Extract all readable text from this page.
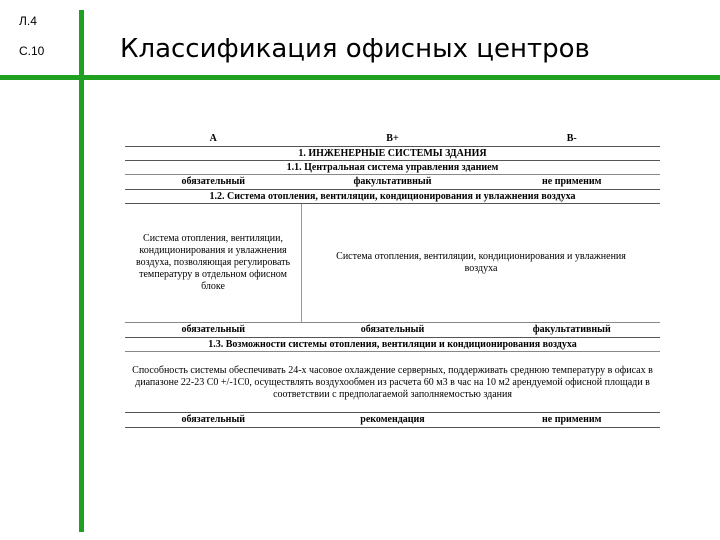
Л.4
С.10	Классификация офисных центров
A	B+	B-
1. ИНЖЕНЕРНЫЕ СИСТЕМЫ ЗДАНИЯ		
1.1. Центральная система управления зданием		
обязательный	факультативный	не применим
1.2. Система отопления, вентиляции, кондиционирования и увлажнения воздуха		
Система отопления, вентиляции, кондиционирования и увлажнения воздуха, позволяющая регулировать температуру в отдельном офисном блоке	Система отопления, вентиляции, кондиционирования и увлажнения воздуха	
обязательный	обязательный	факультативный
1.3. Возможности системы отопления, вентиляции и кондиционирования воздуха		
Способность системы обеспечивать 24-х часовое охлаждение серверных, поддерживать среднюю температуру в офисах в диапазоне 22-23 С0 +/-1С0, осуществлять воздухообмен из расчета 60 м3 в час на 10 м2 арендуемой офисной площади в соответствии с предполагаемой заполняемостью здания		
обязательный	рекомендация	не применим
